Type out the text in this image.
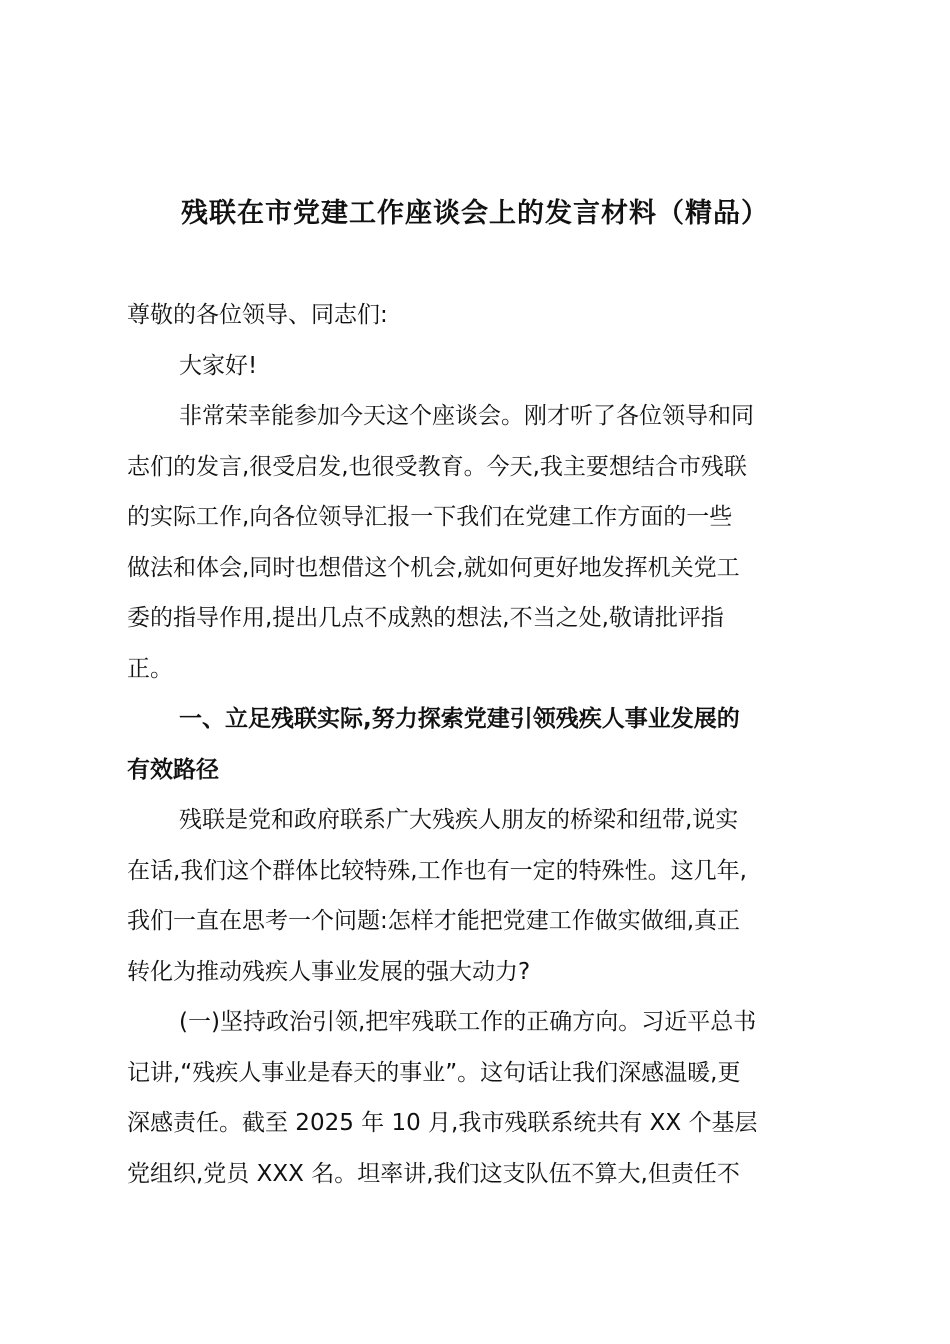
残联在市党建工作座谈会上的发言材料（精品）
尊敬的各位领导、同志们:
大家好!
非常荣幸能参加今天这个座谈会。刚才听了各位领导和同
志们的发言,很受启发,也很受教育。今天,我主要想结合市残联
的实际工作,向各位领导汇报一下我们在党建工作方面的一些
做法和体会,同时也想借这个机会,就如何更好地发挥机关党工
委的指导作用,提出几点不成熟的想法,不当之处,敬请批评指
正。
一、立足残联实际,努力探索党建引领残疾人事业发展的
有效路径
残联是党和政府联系广大残疾人朋友的桥梁和纽带,说实
在话,我们这个群体比较特殊,工作也有一定的特殊性。这几年,
我们一直在思考一个问题:怎样才能把党建工作做实做细,真正
转化为推动残疾人事业发展的强大动力?
(一)坚持政治引领,把牢残联工作的正确方向。习近平总书
记讲,“残疾人事业是春天的事业”。这句话让我们深感温暖,更
深感责任。截至 2025 年 10 月,我市残联系统共有 XX 个基层
党组织,党员 XXX 名。坦率讲,我们这支队伍不算大,但责任不
